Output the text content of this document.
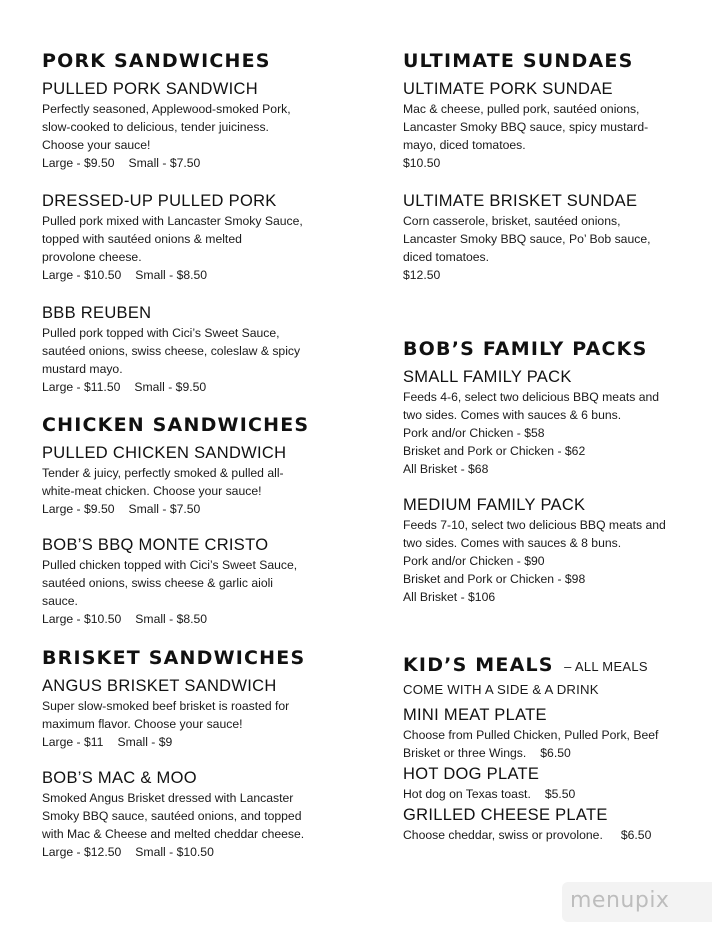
PORK SANDWICHES
PULLED PORK SANDWICH
Perfectly seasoned, Applewood-smoked Pork,
slow-cooked to delicious, tender juiciness.
Choose your sauce!
Large - $9.50 Small - $7.50
DRESSED-UP PULLED PORK
Pulled pork mixed with Lancaster Smoky Sauce,
topped with sautéed onions & melted
provolone cheese.
Large - $10.50 Small - $8.50
BBB REUBEN
Pulled pork topped with Cici’s Sweet Sauce,
sautéed onions, swiss cheese, coleslaw & spicy
mustard mayo.
Large - $11.50 Small - $9.50
CHICKEN SANDWICHES
PULLED CHICKEN SANDWICH
Tender & juicy, perfectly smoked & pulled all-
white-meat chicken. Choose your sauce!
Large - $9.50 Small - $7.50
BOB’S BBQ MONTE CRISTO
Pulled chicken topped with Cici’s Sweet Sauce,
sautéed onions, swiss cheese & garlic aioli
sauce.
Large - $10.50 Small - $8.50
BRISKET SANDWICHES
ANGUS BRISKET SANDWICH
Super slow-smoked beef brisket is roasted for
maximum flavor. Choose your sauce!
Large - $11 Small - $9
BOB’S MAC & MOO
Smoked Angus Brisket dressed with Lancaster
Smoky BBQ sauce, sautéed onions, and topped
with Mac & Cheese and melted cheddar cheese.
Large - $12.50 Small - $10.50
ULTIMATE SUNDAES
ULTIMATE PORK SUNDAE
Mac & cheese, pulled pork, sautéed onions,
Lancaster Smoky BBQ sauce, spicy mustard-
mayo, diced tomatoes.
$10.50
ULTIMATE BRISKET SUNDAE
Corn casserole, brisket, sautéed onions,
Lancaster Smoky BBQ sauce, Po’ Bob sauce,
diced tomatoes.
$12.50
BOB’S FAMILY PACKS
SMALL FAMILY PACK
Feeds 4-6, select two delicious BBQ meats and
two sides. Comes with sauces & 6 buns.
Pork and/or Chicken - $58
Brisket and Pork or Chicken - $62
All Brisket - $68
MEDIUM FAMILY PACK
Feeds 7-10, select two delicious BBQ meats and
two sides. Comes with sauces & 8 buns.
Pork and/or Chicken - $90
Brisket and Pork or Chicken - $98
All Brisket - $106
KID’S MEALS – ALL MEALS
COME WITH A SIDE & A DRINK
MINI MEAT PLATE
Choose from Pulled Chicken, Pulled Pork, Beef
Brisket or three Wings. $6.50
HOT DOG PLATE
Hot dog on Texas toast. $5.50
GRILLED CHEESE PLATE
Choose cheddar, swiss or provolone. $6.50
menupix
